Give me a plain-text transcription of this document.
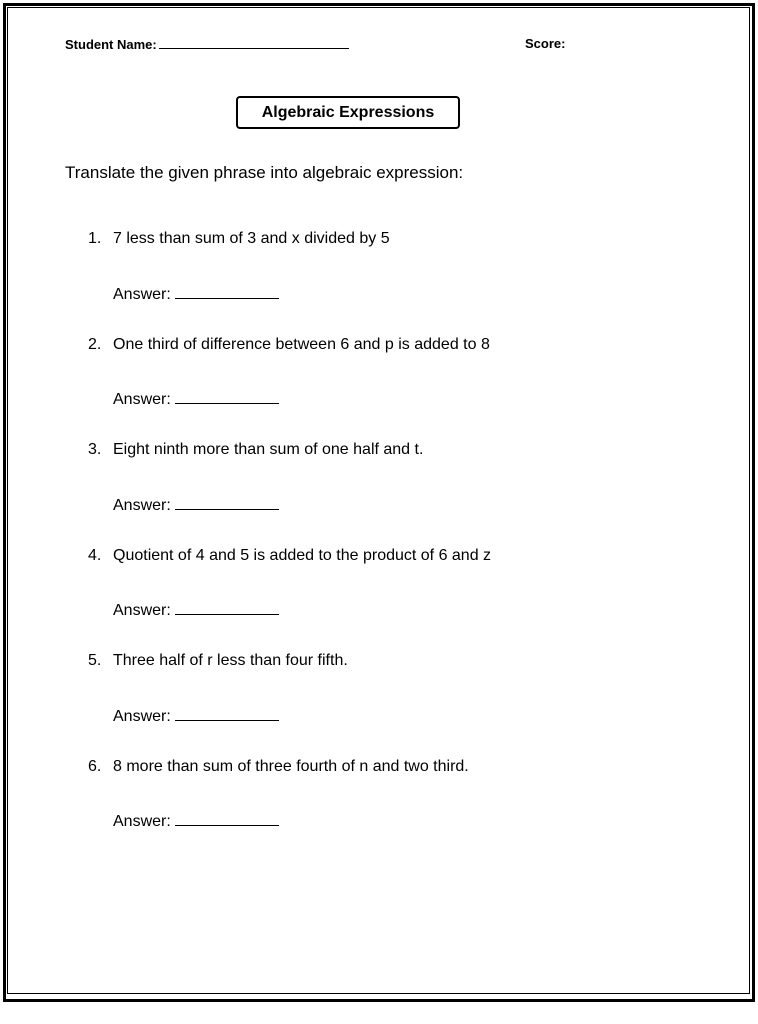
Student Name:	Score:
Algebraic Expressions
Translate the given phrase into algebraic expression:
1. 7 less than sum of 3 and x divided by 5
Answer:
2. One third of difference between 6 and p is added to 8
Answer:
3. Eight ninth more than sum of one half and t.
Answer:
4. Quotient of 4 and 5 is added to the product of 6 and z
Answer:
5. Three half of r less than four fifth.
Answer:
6. 8 more than sum of three fourth of n and two third.
Answer:
